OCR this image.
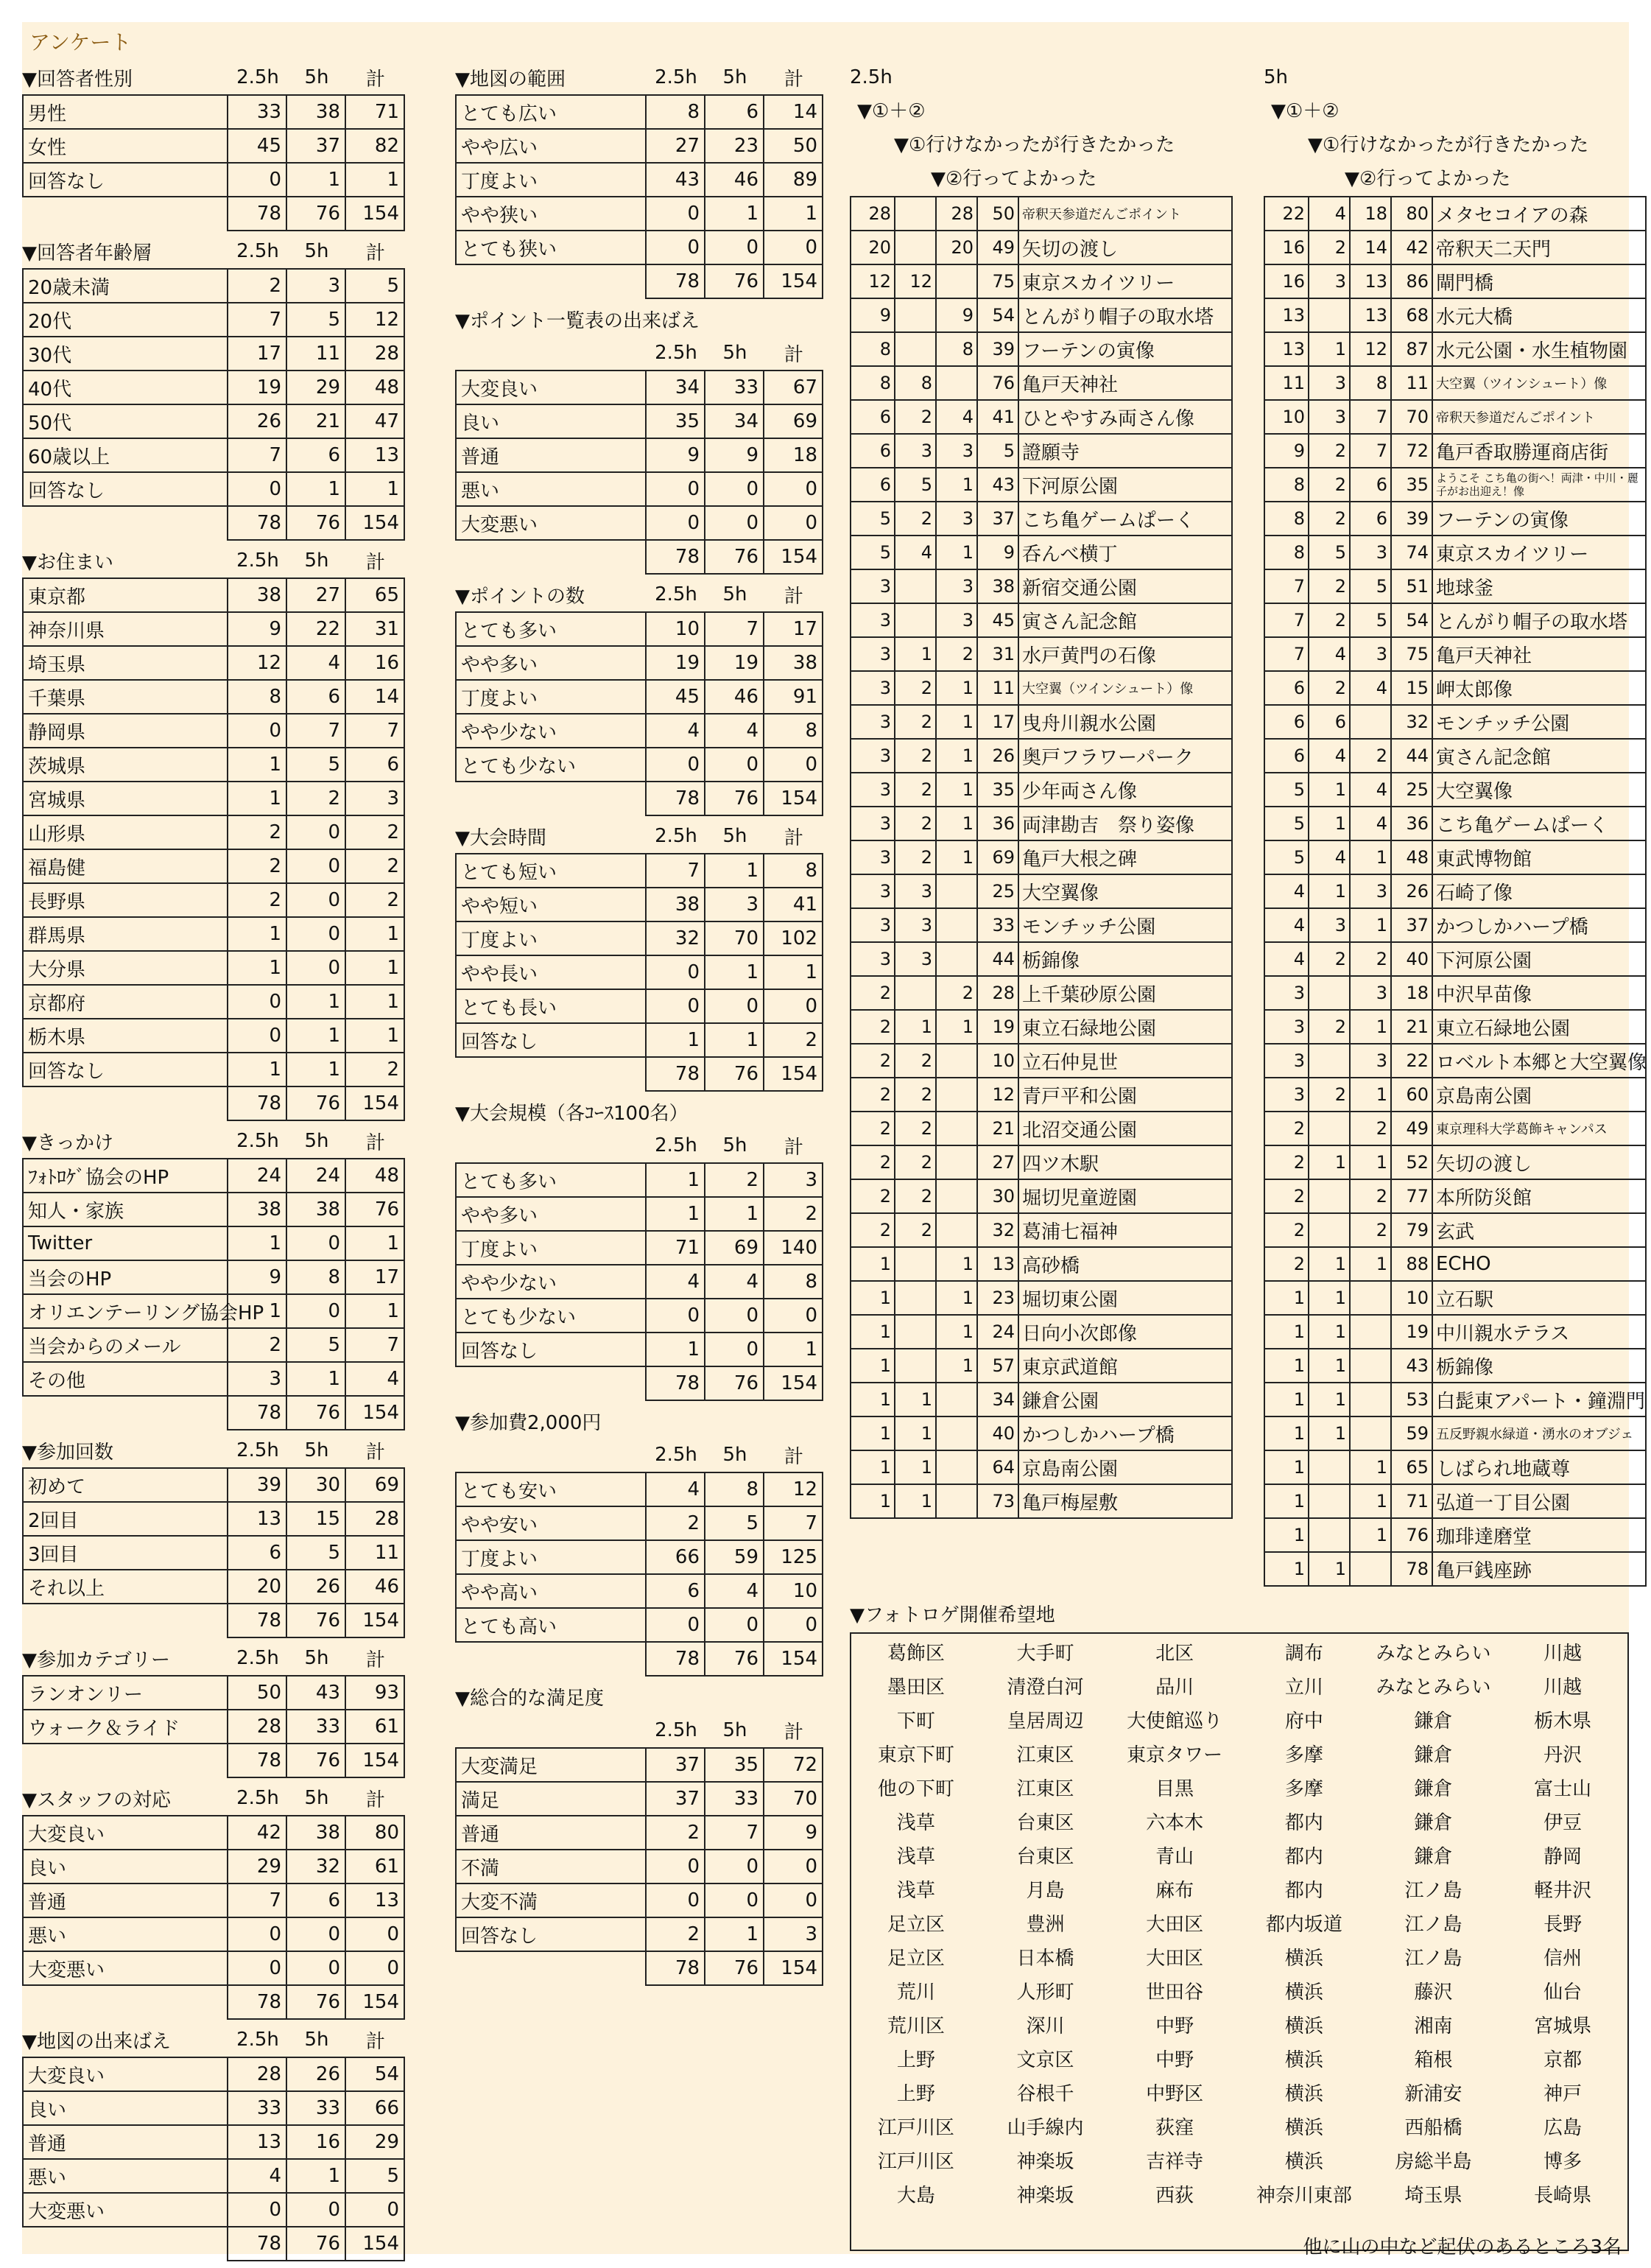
アンケート
▼回答者性別	2.5h	5h	計
男性	33	38	71
女性	45	37	82
回答なし	0	1	1
	78	76	154
▼回答者年齢層	2.5h	5h	計
20歳未満	2	3	5
20代	7	5	12
30代	17	11	28
40代	19	29	48
50代	26	21	47
60歳以上	7	6	13
回答なし	0	1	1
	78	76	154
▼お住まい	2.5h	5h	計
東京都	38	27	65
神奈川県	9	22	31
埼玉県	12	4	16
千葉県	8	6	14
静岡県	0	7	7
茨城県	1	5	6
宮城県	1	2	3
山形県	2	0	2
福島健	2	0	2
長野県	2	0	2
群馬県	1	0	1
大分県	1	0	1
京都府	0	1	1
栃木県	0	1	1
回答なし	1	1	2
	78	76	154
▼きっかけ	2.5h	5h	計
ﾌｫﾄﾛｹﾞ協会のHP	24	24	48
知人・家族	38	38	76
Twitter	1	0	1
当会のHP	9	8	17
オリエンテーリング協会HP	1	0	1
当会からのメール	2	5	7
その他	3	1	4
	78	76	154
▼参加回数	2.5h	5h	計
初めて	39	30	69
2回目	13	15	28
3回目	6	5	11
それ以上	20	26	46
	78	76	154
▼参加カテゴリー	2.5h	5h	計
ランオンリー	50	43	93
ウォーク＆ライド	28	33	61
	78	76	154
▼スタッフの対応	2.5h	5h	計
大変良い	42	38	80
良い	29	32	61
普通	7	6	13
悪い	0	0	0
大変悪い	0	0	0
	78	76	154
▼地図の出来ばえ	2.5h	5h	計
大変良い	28	26	54
良い	33	33	66
普通	13	16	29
悪い	4	1	5
大変悪い	0	0	0
	78	76	154
▼地図の範囲	2.5h	5h	計
とても広い	8	6	14
やや広い	27	23	50
丁度よい	43	46	89
やや狭い	0	1	1
とても狭い	0	0	0
	78	76	154
▼ポイント一覧表の出来ばえ
2.5h	5h	計
大変良い	34	33	67
良い	35	34	69
普通	9	9	18
悪い	0	0	0
大変悪い	0	0	0
	78	76	154
▼ポイントの数	2.5h	5h	計
とても多い	10	7	17
やや多い	19	19	38
丁度よい	45	46	91
やや少ない	4	4	8
とても少ない	0	0	0
	78	76	154
▼大会時間	2.5h	5h	計
とても短い	7	1	8
やや短い	38	3	41
丁度よい	32	70	102
やや長い	0	1	1
とても長い	0	0	0
回答なし	1	1	2
	78	76	154
▼大会規模（各ｺｰｽ100名）
2.5h	5h	計
とても多い	1	2	3
やや多い	1	1	2
丁度よい	71	69	140
やや少ない	4	4	8
とても少ない	0	0	0
回答なし	1	0	1
	78	76	154
▼参加費2,000円
2.5h	5h	計
とても安い	4	8	12
やや安い	2	5	7
丁度よい	66	59	125
やや高い	6	4	10
とても高い	0	0	0
	78	76	154
▼総合的な満足度
2.5h	5h	計
大変満足	37	35	72
満足	37	33	70
普通	2	7	9
不満	0	0	0
大変不満	0	0	0
回答なし	2	1	3
	78	76	154
2.5h
▼①＋②
▼①行けなかったが行きたかった
▼②行ってよかった
28		28	50	帝釈天参道だんごポイント
20		20	49	矢切の渡し
12	12		75	東京スカイツリー
9		9	54	とんがり帽子の取水塔
8		8	39	フーテンの寅像
8	8		76	亀戸天神社
6	2	4	41	ひとやすみ両さん像
6	3	3	5	證願寺
6	5	1	43	下河原公園
5	2	3	37	こち亀ゲームぱーく
5	4	1	9	呑んべ横丁
3		3	38	新宿交通公園
3		3	45	寅さん記念館
3	1	2	31	水戸黄門の石像
3	2	1	11	大空翼（ツインシュート）像
3	2	1	17	曳舟川親水公園
3	2	1	26	奥戸フラワーパーク
3	2	1	35	少年両さん像
3	2	1	36	両津勘吉　祭り姿像
3	2	1	69	亀戸大根之碑
3	3		25	大空翼像
3	3		33	モンチッチ公園
3	3		44	栃錦像
2		2	28	上千葉砂原公園
2	1	1	19	東立石緑地公園
2	2		10	立石仲見世
2	2		12	青戸平和公園
2	2		21	北沼交通公園
2	2		27	四ツ木駅
2	2		30	堀切児童遊園
2	2		32	葛浦七福神
1		1	13	高砂橋
1		1	23	堀切東公園
1		1	24	日向小次郎像
1		1	57	東京武道館
1	1		34	鎌倉公園
1	1		40	かつしかハープ橋
1	1		64	京島南公園
1	1		73	亀戸梅屋敷
5h
▼①＋②
▼①行けなかったが行きたかった
▼②行ってよかった
22	4	18	80	メタセコイアの森
16	2	14	42	帝釈天二天門
16	3	13	86	閘門橋
13		13	68	水元大橋
13	1	12	87	水元公園・水生植物園
11	3	8	11	大空翼（ツインシュート）像
10	3	7	70	帝釈天参道だんごポイント
9	2	7	72	亀戸香取勝運商店街
8	2	6	35	ようこそ こち亀の街へ！両津・中川・麗子がお出迎え！像
8	2	6	39	フーテンの寅像
8	5	3	74	東京スカイツリー
7	2	5	51	地球釜
7	2	5	54	とんがり帽子の取水塔
7	4	3	75	亀戸天神社
6	2	4	15	岬太郎像
6	6		32	モンチッチ公園
6	4	2	44	寅さん記念館
5	1	4	25	大空翼像
5	1	4	36	こち亀ゲームぱーく
5	4	1	48	東武博物館
4	1	3	26	石崎了像
4	3	1	37	かつしかハープ橋
4	2	2	40	下河原公園
3		3	18	中沢早苗像
3	2	1	21	東立石緑地公園
3		3	22	ロベルト本郷と大空翼像
3	2	1	60	京島南公園
2		2	49	東京理科大学葛飾キャンパス
2	1	1	52	矢切の渡し
2		2	77	本所防災館
2		2	79	玄武
2	1	1	88	ECHO
1	1		10	立石駅
1	1		19	中川親水テラス
1	1		43	栃錦像
1	1		53	白髭東アパート・鐘淵門
1	1		59	五反野親水緑道・湧水のオブジェ
1		1	65	しばられ地蔵尊
1		1	71	弘道一丁目公園
1		1	76	珈琲達磨堂
1	1		78	亀戸銭座跡
▼フォトロゲ開催希望地
葛飾区	大手町	北区	調布	みなとみらい	川越
墨田区	清澄白河	品川	立川	みなとみらい	川越
下町	皇居周辺	大使館巡り	府中	鎌倉	栃木県
東京下町	江東区	東京タワー	多摩	鎌倉	丹沢
他の下町	江東区	目黒	多摩	鎌倉	富士山
浅草	台東区	六本木	都内	鎌倉	伊豆
浅草	台東区	青山	都内	鎌倉	静岡
浅草	月島	麻布	都内	江ノ島	軽井沢
足立区	豊洲	大田区	都内坂道	江ノ島	長野
足立区	日本橋	大田区	横浜	江ノ島	信州
荒川	人形町	世田谷	横浜	藤沢	仙台
荒川区	深川	中野	横浜	湘南	宮城県
上野	文京区	中野	横浜	箱根	京都
上野	谷根千	中野区	横浜	新浦安	神戸
江戸川区	山手線内	荻窪	横浜	西船橋	広島
江戸川区	神楽坂	吉祥寺	横浜	房総半島	博多
大島	神楽坂	西荻	神奈川東部	埼玉県	長崎県
他に山の中など起伏のあるところ3名
